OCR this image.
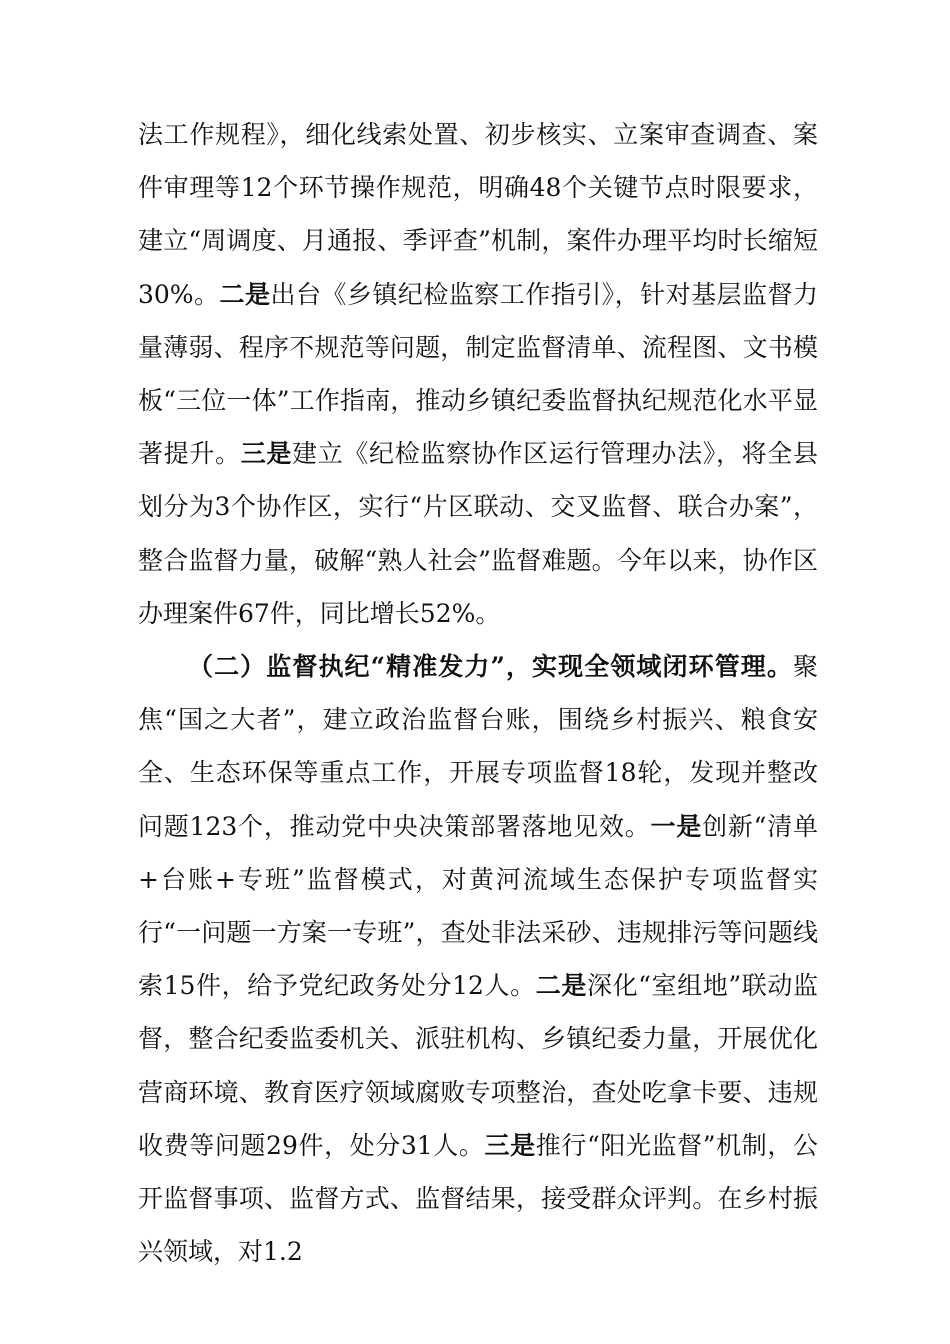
法工作规程》，细化线索处置、初步核实、立案审查调查、案件审理等12个环节操作规范，明确48个关键节点时限要求，建立“周调度、月通报、季评查”机制，案件办理平均时长缩短30%。二是出台《乡镇纪检监察工作指引》，针对基层监督力量薄弱、程序不规范等问题，制定监督清单、流程图、文书模板“三位一体”工作指南，推动乡镇纪委监督执纪规范化水平显著提升。三是建立《纪检监察协作区运行管理办法》，将全县划分为3个协作区，实行“片区联动、交叉监督、联合办案”，整合监督力量，破解“熟人社会”监督难题。今年以来，协作区办理案件67件，同比增长52%。

（二）监督执纪“精准发力”，实现全领域闭环管理。聚焦“国之大者”，建立政治监督台账，围绕乡村振兴、粮食安全、生态环保等重点工作，开展专项监督18轮，发现并整改问题123个，推动党中央决策部署落地见效。一是创新“清单+台账+专班”监督模式，对黄河流域生态保护专项监督实行“一问题一方案一专班”，查处非法采砂、违规排污等问题线索15件，给予党纪政务处分12人。二是深化“室组地”联动监督，整合纪委监委机关、派驻机构、乡镇纪委力量，开展优化营商环境、教育医疗领域腐败专项整治，查处吃拿卡要、违规收费等问题29件，处分31人。三是推行“阳光监督”机制，公开监督事项、监督方式、监督结果，接受群众评判。在乡村振兴领域，对1.2
